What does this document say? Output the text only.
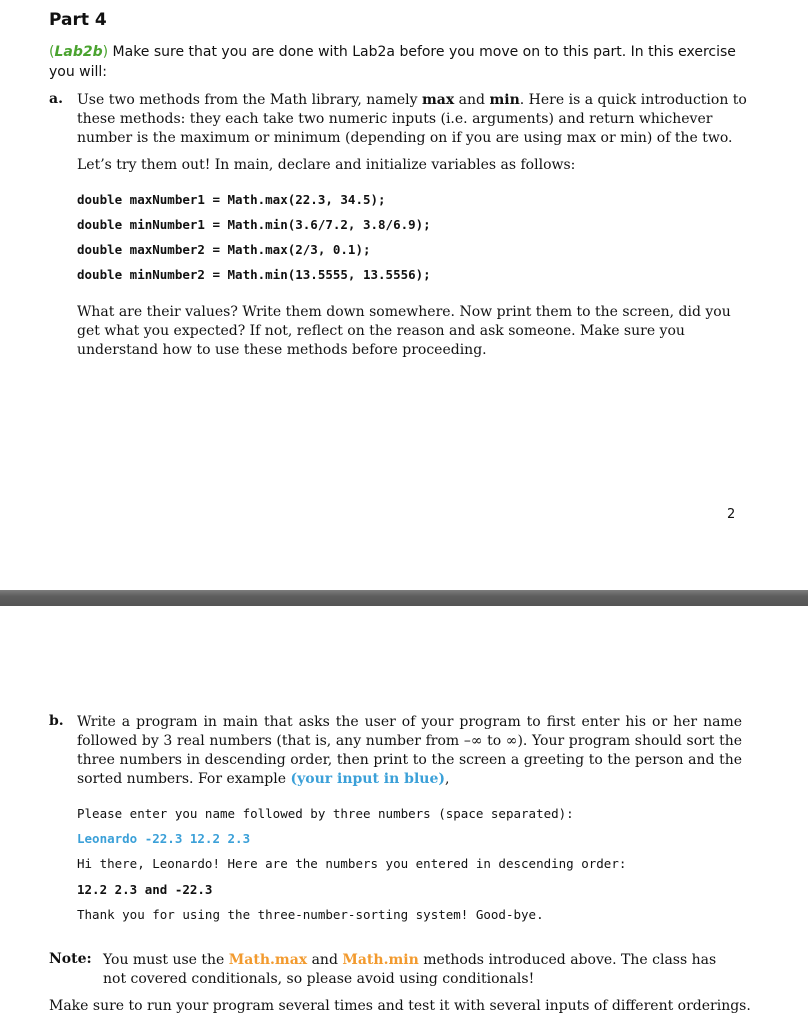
Part 4

(Lab2b) Make sure that you are done with Lab2a before you move on to this part. In this exercise you will:

a. Use two methods from the Math library, namely max and min. Here is a quick introduction to these methods: they each take two numeric inputs (i.e. arguments) and return whichever number is the maximum or minimum (depending on if you are using max or min) of the two.

Let’s try them out! In main, declare and initialize variables as follows:

double maxNumber1 = Math.max(22.3, 34.5);

double minNumber1 = Math.min(3.6/7.2, 3.8/6.9);

double maxNumber2 = Math.max(2/3, 0.1);

double minNumber2 = Math.min(13.5555, 13.5556);

What are their values? Write them down somewhere. Now print them to the screen, did you get what you expected? If not, reflect on the reason and ask someone. Make sure you understand how to use these methods before proceeding.

2
b. Write a program in main that asks the user of your program to first enter his or her name followed by 3 real numbers (that is, any number from –∞ to ∞). Your program should sort the three numbers in descending order, then print to the screen a greeting to the person and the sorted numbers. For example (your input in blue),

Please enter you name followed by three numbers (space separated):

Leonardo -22.3 12.2 2.3

Hi there, Leonardo! Here are the numbers you entered in descending order:

12.2 2.3 and -22.3

Thank you for using the three-number-sorting system! Good-bye.

Note: You must use the Math.max and Math.min methods introduced above. The class has not covered conditionals, so please avoid using conditionals!

Make sure to run your program several times and test it with several inputs of different orderings.
